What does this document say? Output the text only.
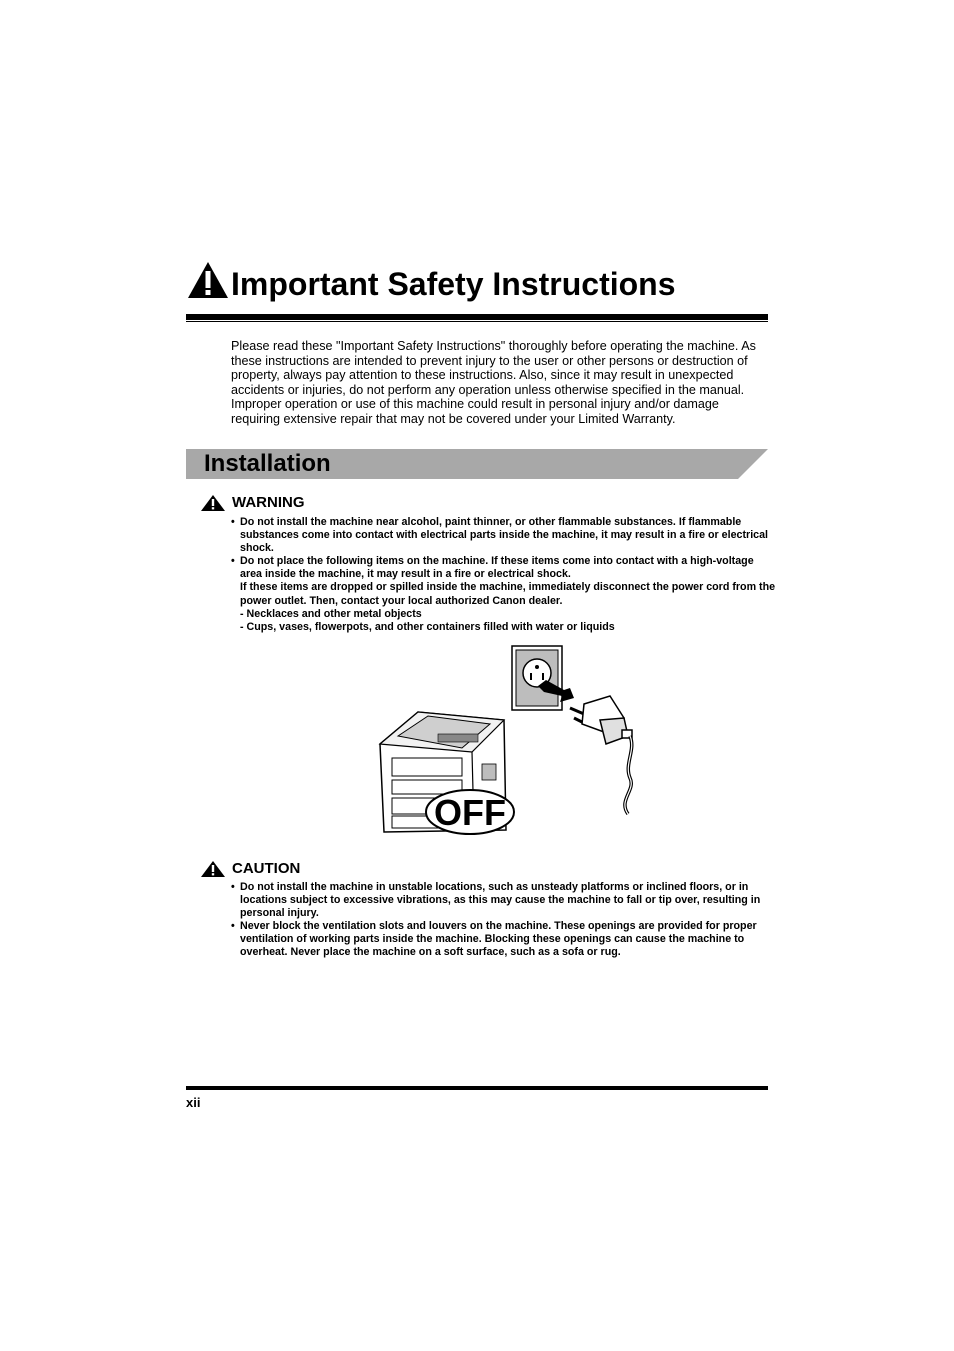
Important Safety Instructions

Please read these "Important Safety Instructions" thoroughly before operating the machine. As these instructions are intended to prevent injury to the user or other persons or destruction of property, always pay attention to these instructions. Also, since it may result in unexpected accidents or injuries, do not perform any operation unless otherwise specified in the manual. Improper operation or use of this machine could result in personal injury and/or damage requiring extensive repair that may not be covered under your Limited Warranty.

Installation
WARNING
• Do not install the machine near alcohol, paint thinner, or other flammable substances. If flammable substances come into contact with electrical parts inside the machine, it may result in a fire or electrical shock.
• Do not place the following items on the machine. If these items come into contact with a high-voltage area inside the machine, it may result in a fire or electrical shock.
If these items are dropped or spilled inside the machine, immediately disconnect the power cord from the power outlet. Then, contact your local authorized Canon dealer.
- Necklaces and other metal objects
- Cups, vases, flowerpots, and other containers filled with water or liquids
OFF
CAUTION
• Do not install the machine in unstable locations, such as unsteady platforms or inclined floors, or in locations subject to excessive vibrations, as this may cause the machine to fall or tip over, resulting in personal injury.
• Never block the ventilation slots and louvers on the machine. These openings are provided for proper ventilation of working parts inside the machine. Blocking these openings can cause the machine to overheat. Never place the machine on a soft surface, such as a sofa or rug.

xii
